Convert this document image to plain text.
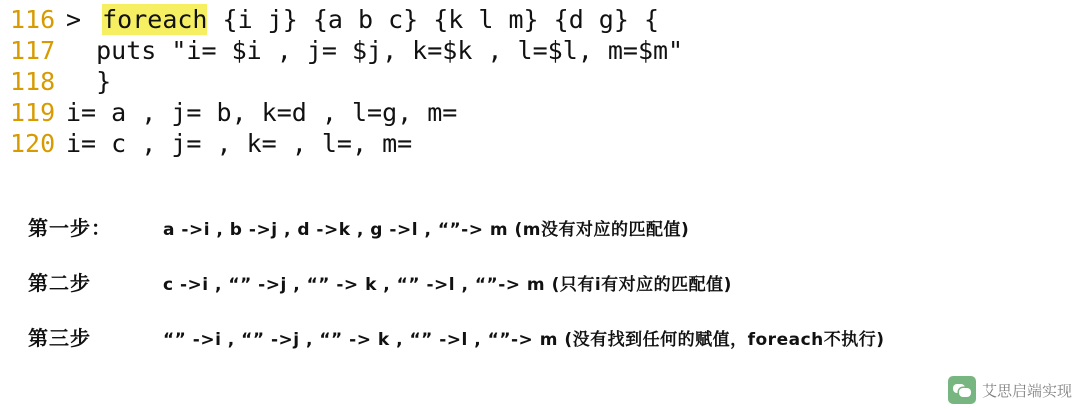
116 > foreach {i j} {a b c} {k l m} {d g} {
117 puts "i= $i , j= $j, k=$k , l=$l, m=$m"
118 }
119 i= a , j= b, k=d , l=g, m=
120 i= c , j= , k= , l=, m=
第一步：	a ->i , b ->j , d ->k , g ->l , “”-> m (m没有对应的匹配值)
第二步	c ->i , “” ->j , “” -> k , “” ->l , “”-> m (只有i有对应的匹配值)
第三步	“” ->i , “” ->j , “” -> k , “” ->l , “”-> m (没有找到任何的赋值，foreach不执行)
艾思启端实现
